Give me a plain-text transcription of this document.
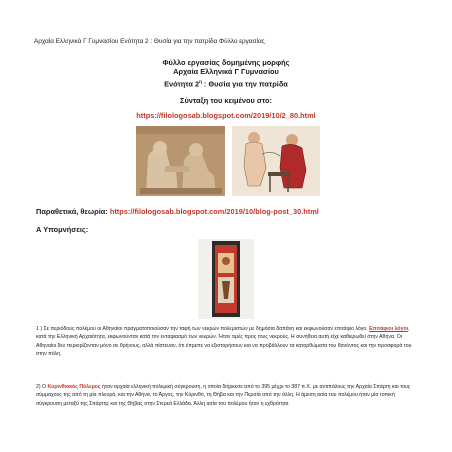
Αρχαία Ελληνικά Γ Γυμνασίου Ενότητα 2 : Θυσία για την πατρίδα Φύλλο εργασίας
Φύλλο εργασίας δομημένης μορφής
Αρχαία Ελληνικά Γ Γυμνασίου
Ενότητα $2^\eta$ : Θυσία για την πατρίδα
Σύνταξη του κειμένου στο:
https://filologosab.blogspot.com/2019/10/2_80.html
Παραθετικά, θεωρία: https://filologosab.blogspot.com/2019/10/blog-post_30.html
Α Υπομνήσεις:
1 ) Σε περιόδους πολέμου οι Αθηναίοι πραγματοποιούσαν την ταφή των νεκρών πολεμιστών με δημόσια δαπάνη και εκφωνούσαν επιτάφιο λόγο. Επιτάφιοι λόγοι, κατά την Ελληνική Αρχαιότητα, εκφωνούνταν κατά τον ενταφιασμό των νεκρών. Ήταν τιμές προς τους νεκρούς. Η συνήθεια αυτή είχε καθιερωθεί στην Αθήνα. Οι Αθηναίοι δεν περιορίζονταν μόνο σε θρήνους, αλλά πίστευαν, ότι έπρεπε να εξιστορήσουν και να προβάλλουν τα κατορθώματα του θανόντος και την προσφορά του στην πόλη.
2) Ο Κορινθιακός Πόλεμος ήταν αρχαία ελληνική πολεμική σύγκρουση, η οποία διήρκεσε από το 395 μέχρι το 387 π.Χ. με αντιπάλους την Αρχαία Σπάρτη και τους σύμμαχους της από τη μία πλευρά, και την Αθήνα, το Άργος, την Κόρινθο, τη Θήβα και την Περσία από την άλλη. Η άμεση αιτία του πολέμου ήταν μία τοπική σύγκρουση μεταξύ της Σπάρτης και της Θήβας στην Στερεά Ελλάδα. Άλλη αιτία του πολέμου ήταν η εχθρότητα
